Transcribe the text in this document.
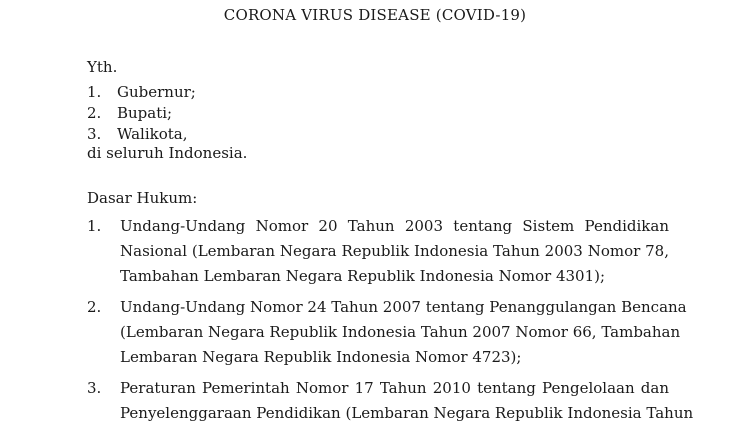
CORONA VIRUS DISEASE (COVID-19)
Yth.
1. Gubernur;
2. Bupati;
3. Walikota,
di seluruh Indonesia.
Dasar Hukum:
1. Undang-Undang Nomor 20 Tahun 2003 tentang Sistem Pendidikan
Nasional (Lembaran Negara Republik Indonesia Tahun 2003 Nomor 78,
Tambahan Lembaran Negara Republik Indonesia Nomor 4301);
2. Undang-Undang Nomor 24 Tahun 2007 tentang Penanggulangan Bencana
(Lembaran Negara Republik Indonesia Tahun 2007 Nomor 66, Tambahan
Lembaran Negara Republik Indonesia Nomor 4723);
3. Peraturan Pemerintah Nomor 17 Tahun 2010 tentang Pengelolaan dan
Penyelenggaraan Pendidikan (Lembaran Negara Republik Indonesia Tahun
